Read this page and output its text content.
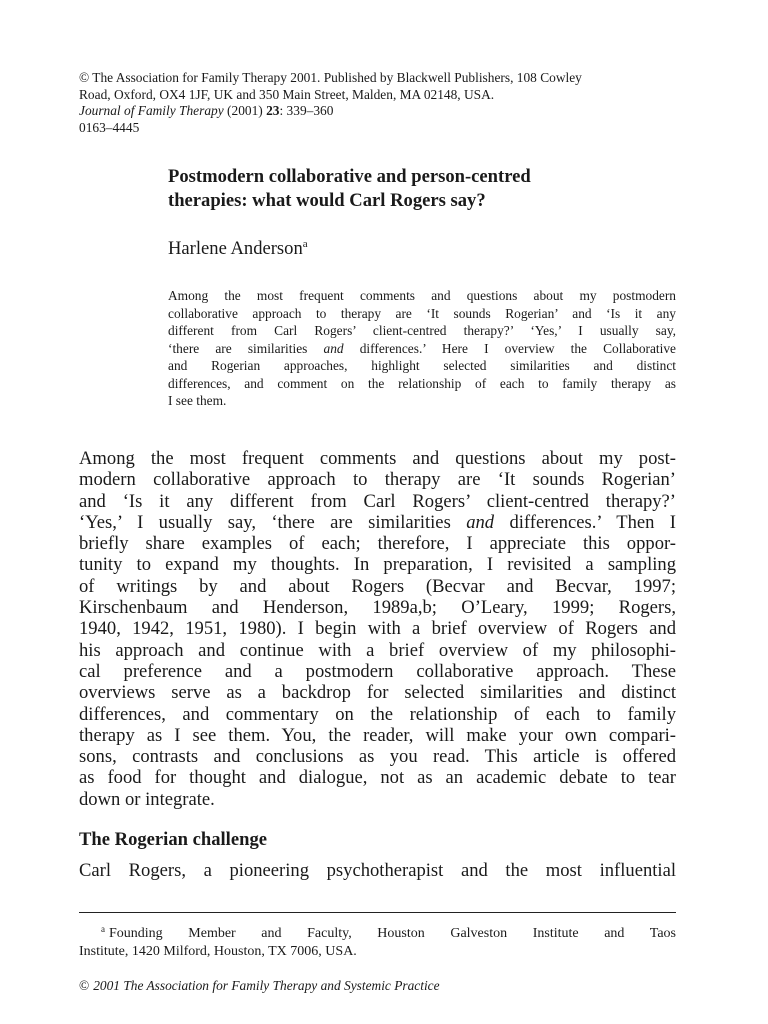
© The Association for Family Therapy 2001. Published by Blackwell Publishers, 108 Cowley
Road, Oxford, OX4 1JF, UK and 350 Main Street, Malden, MA 02148, USA.
Journal of Family Therapy (2001) 23: 339–360
0163–4445
Postmodern collaborative and person-centred
therapies: what would Carl Rogers say?
Harlene Anderson$^a$
Among the most frequent comments and questions about my postmodern
collaborative approach to therapy are ‘It sounds Rogerian’ and ‘Is it any
different from Carl Rogers’ client-centred therapy?’ ‘Yes,’ I usually say,
‘there are similarities and differences.’ Here I overview the Collaborative
and Rogerian approaches, highlight selected similarities and distinct
differences, and comment on the relationship of each to family therapy as
I see them.
Among the most frequent comments and questions about my post-
modern collaborative approach to therapy are ‘It sounds Rogerian’
and ‘Is it any different from Carl Rogers’ client-centred therapy?’
‘Yes,’ I usually say, ‘there are similarities and differences.’ Then I
briefly share examples of each; therefore, I appreciate this oppor-
tunity to expand my thoughts. In preparation, I revisited a sampling
of writings by and about Rogers (Becvar and Becvar, 1997;
Kirschenbaum and Henderson, 1989a,b; O’Leary, 1999; Rogers,
1940, 1942, 1951, 1980). I begin with a brief overview of Rogers and
his approach and continue with a brief overview of my philosophi-
cal preference and a postmodern collaborative approach. These
overviews serve as a backdrop for selected similarities and distinct
differences, and commentary on the relationship of each to family
therapy as I see them. You, the reader, will make your own compari-
sons, contrasts and conclusions as you read. This article is offered
as food for thought and dialogue, not as an academic debate to tear
down or integrate.
The Rogerian challenge
Carl Rogers, a pioneering psychotherapist and the most influential
$^a$ Founding Member and Faculty, Houston Galveston Institute and Taos
Institute, 1420 Milford, Houston, TX 7006, USA.
© 2001 The Association for Family Therapy and Systemic Practice
